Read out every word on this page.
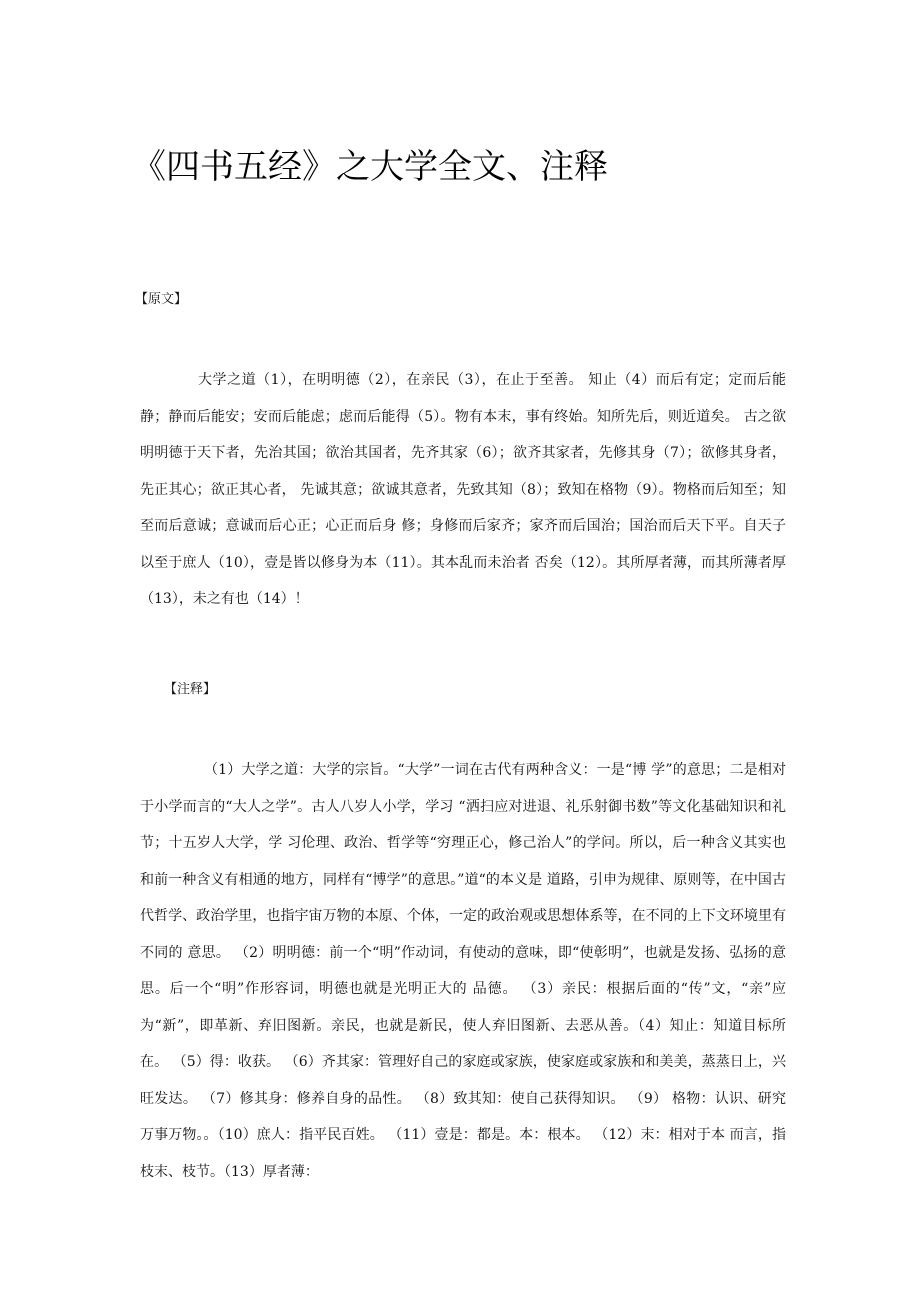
《四书五经》之大学全文、注释
【原文】

大学之道（1），在明明德（2），在亲民（3），在止于至善。 知止（4）而后有定；定而后能静；静而后能安；安而后能虑；虑而后能得（5）。物有本末，事有终始。知所先后，则近道矣。 古之欲明明德于天下者，先治其国；欲治其国者，先齐其家（6）；欲齐其家者，先修其身（7）；欲修其身者，先正其心；欲正其心者， 先诚其意；欲诚其意者，先致其知（8）；致知在格物（9）。物格而后知至；知至而后意诚；意诚而后心正；心正而后身 修；身修而后家齐；家齐而后国治；国治而后天下平。自天子以至于庶人（10），壹是皆以修身为本（11）。其本乱而未治者 否矣（12）。其所厚者薄，而其所薄者厚（13），未之有也（14）！

【注释】

（1）大学之道：大学的宗旨。“大学”一词在古代有两种含义：一是“博 学”的意思；二是相对于小学而言的“大人之学”。古人八岁人小学，学习 “洒扫应对进退、礼乐射御书数”等文化基础知识和礼节；十五岁人大学，学 习伦理、政治、哲学等“穷理正心，修己治人”的学问。所以，后一种含义其实也和前一种含义有相通的地方，同样有“博学”的意思。”道“的本义是 道路，引申为规律、原则等，在中国古代哲学、政治学里，也指宇宙万物的本原、个体，一定的政治观或思想体系等，在不同的上下文环境里有不同的 意思。 （2）明明德：前一个“明”作动词，有使动的意味，即“使彰明”，也就是发扬、弘扬的意思。后一个“明”作形容词，明德也就是光明正大的 品德。 （3）亲民：根据后面的“传”文，“亲”应为“新”，即革新、弃旧图新。亲民，也就是新民，使人弃旧图新、去恶从善。（4）知止：知道目标所在。 （5）得：收获。 （6）齐其家：管理好自己的家庭或家族，使家庭或家族和和美美，蒸蒸日上，兴旺发达。 （7）修其身：修养自身的品性。 （8）致其知：使自己获得知识。 （9） 格物：认识、研究万事万物。。（10）庶人：指平民百姓。 （11）壹是：都是。本：根本。 （12）末：相对于本 而言，指枝末、枝节。（13）厚者薄：
